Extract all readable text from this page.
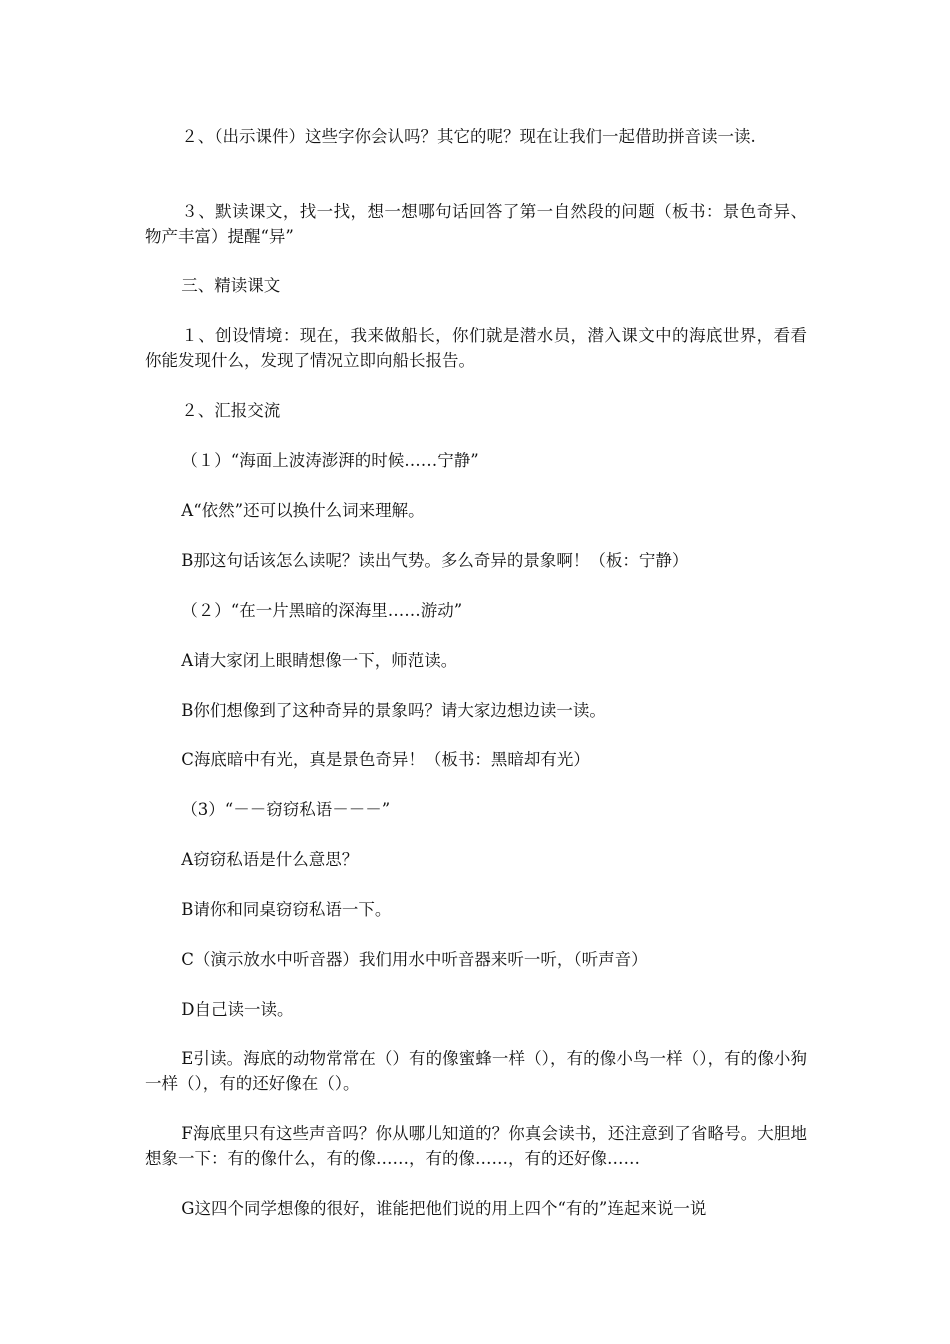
２、（出示课件）这些字你会认吗？其它的呢？现在让我们一起借助拼音读一读.

３、默读课文，找一找，想一想哪句话回答了第一自然段的问题（板书：景色奇异、物产丰富）提醒“异”

三、精读课文

１、创设情境：现在，我来做船长，你们就是潜水员，潜入课文中的海底世界，看看你能发现什么，发现了情况立即向船长报告。

２、汇报交流

（１）“海面上波涛澎湃的时候……宁静”

A“依然”还可以换什么词来理解。

B那这句话该怎么读呢？读出气势。多么奇异的景象啊！（板：宁静）

（２）“在一片黑暗的深海里……游动”

A请大家闭上眼睛想像一下，师范读。

B你们想像到了这种奇异的景象吗？请大家边想边读一读。

C海底暗中有光，真是景色奇异！（板书：黑暗却有光）

（3）“－－窃窃私语－－－”

A窃窃私语是什么意思？

B请你和同桌窃窃私语一下。

C（演示放水中听音器）我们用水中听音器来听一听，（听声音）

D自己读一读。

E引读。海底的动物常常在（）有的像蜜蜂一样（），有的像小鸟一样（），有的像小狗一样（），有的还好像在（）。

F海底里只有这些声音吗？你从哪儿知道的？你真会读书，还注意到了省略号。大胆地想象一下：有的像什么，有的像……，有的像……，有的还好像……

G这四个同学想像的很好，谁能把他们说的用上四个“有的”连起来说一说
